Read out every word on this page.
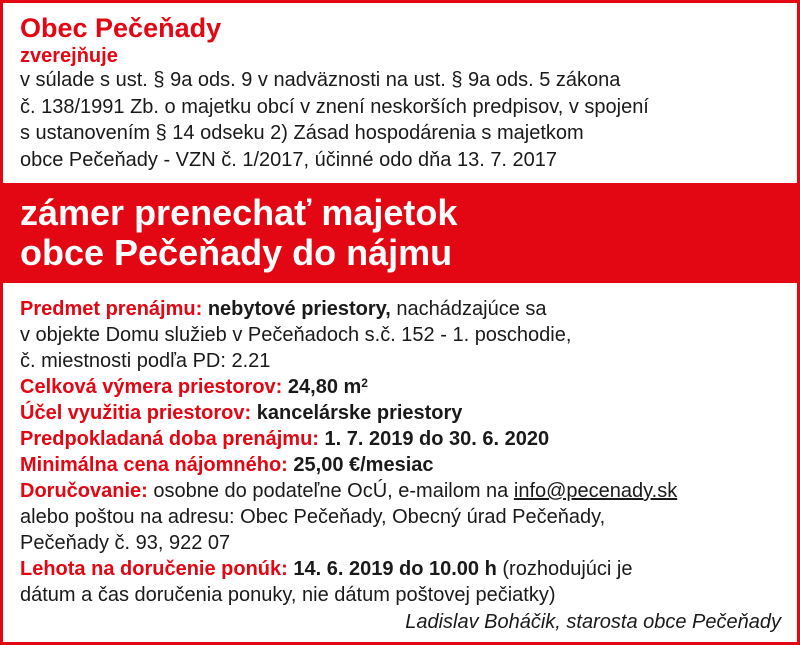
Obec Pečeňady
zverejňuje
v súlade s ust. § 9a ods. 9 v nadväznosti na ust. § 9a ods. 5 zákona
č. 138/1991 Zb. o majetku obcí v znení neskorších predpisov, v spojení
s ustanovením § 14 odseku 2) Zásad hospodárenia s majetkom
obce Pečeňady - VZN č. 1/2017, účinné odo dňa 13. 7. 2017
zámer prenechať majetok
obce Pečeňady do nájmu
Predmet prenájmu: nebytové priestory, nachádzajúce sa
v objekte Domu služieb v Pečeňadoch s.č. 152 - 1. poschodie,
č. miestnosti podľa PD: 2.21
Celková výmera priestorov: 24,80 $m^2$
Účel využitia priestorov: kancelárske priestory
Predpokladaná doba prenájmu: 1. 7. 2019 do 30. 6. 2020
Minimálna cena nájomného: 25,00 €/mesiac
Doručovanie: osobne do podateľne OcÚ, e-mailom na info@pecenady.sk
alebo poštou na adresu: Obec Pečeňady, Obecný úrad Pečeňady,
Pečeňady č. 93, 922 07
Lehota na doručenie ponúk: 14. 6. 2019 do 10.00 h (rozhodujúci je
dátum a čas doručenia ponuky, nie dátum poštovej pečiatky)
Ladislav Boháčik, starosta obce Pečeňady
